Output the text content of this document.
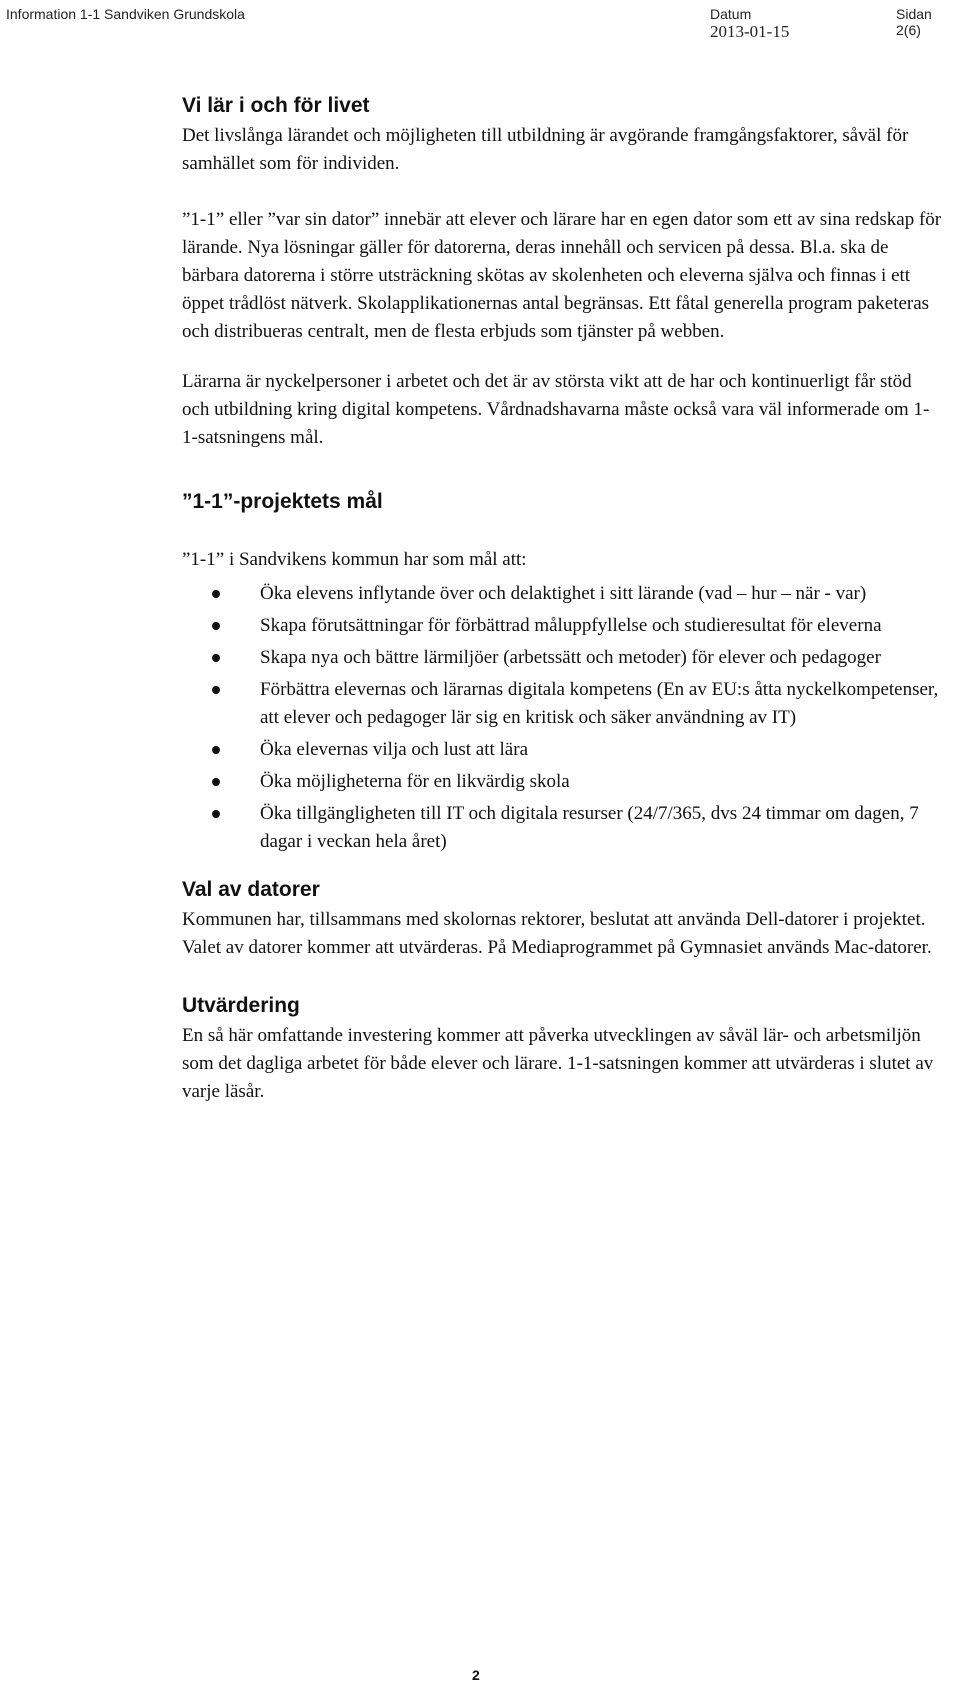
Information 1-1 Sandviken Grundskola	Datum	Sidan 2(6)
2013-01-15
Vi lär i och för livet

Det livslånga lärandet och möjligheten till utbildning är avgörande framgångsfaktorer, såväl för samhället som för individen.

”1-1” eller ”var sin dator” innebär att elever och lärare har en egen dator som ett av sina redskap för lärande. Nya lösningar gäller för datorerna, deras innehåll och servicen på dessa. Bl.a. ska de bärbara datorerna i större utsträckning skötas av skolenheten och eleverna själva och finnas i ett öppet trådlöst nätverk. Skolapplikationernas antal begränsas. Ett fåtal generella program paketeras och distribueras centralt, men de flesta erbjuds som tjänster på webben.

Lärarna är nyckelpersoner i arbetet och det är av största vikt att de har och kontinuerligt får stöd och utbildning kring digital kompetens. Vårdnadshavarna måste också vara väl informerade om 1-1-satsningens mål.

”1-1”-projektets mål

”1-1” i Sandvikens kommun har som mål att:

Öka elevens inflytande över och delaktighet i sitt lärande (vad – hur – när - var)
Skapa förutsättningar för förbättrad måluppfyllelse och studieresultat för eleverna
Skapa nya och bättre lärmiljöer (arbetssätt och metoder) för elever och pedagoger
Förbättra elevernas och lärarnas digitala kompetens (En av EU:s åtta nyckelkompetenser, att elever och pedagoger lär sig en kritisk och säker användning av IT)
Öka elevernas vilja och lust att lära
Öka möjligheterna för en likvärdig skola
Öka tillgängligheten till IT och digitala resurser (24/7/365, dvs 24 timmar om dagen, 7 dagar i veckan hela året)
Val av datorer

Kommunen har, tillsammans med skolornas rektorer, beslutat att använda Dell-datorer i projektet. Valet av datorer kommer att utvärderas. På Mediaprogrammet på Gymnasiet används Mac-datorer.

Utvärdering

En så här omfattande investering kommer att påverka utvecklingen av såväl lär- och arbetsmiljön som det dagliga arbetet för både elever och lärare. 1-1-satsningen kommer att utvärderas i slutet av varje läsår.

2
